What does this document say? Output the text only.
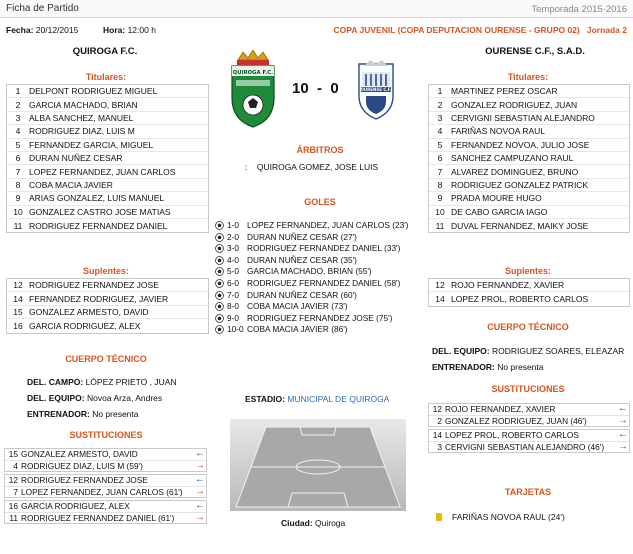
Ficha de Partido	Temporada 2015-2016
Fecha: 20/12/2015	Hora: 12:00 h	COPA JUVENIL (COPA DEPUTACION OURENSE - GRUPO 02) Jornada 2
QUIROGA F.C.	OURENSE C.F., S.A.D.
QUIROGA F.C.
10 - 0	OURENSE C.F.
Titulares:	Titulares:
1	DELPONT RODRIGUEZ MIGUEL
2	GARCIA MACHADO, BRIAN
3	ALBA SANCHEZ, MANUEL
4	RODRIGUEZ DIAZ, LUIS M
5	FERNANDEZ GARCIA, MIGUEL
6	DURAN NUÑEZ CESAR
7	LOPEZ FERNANDEZ, JUAN CARLOS
8	COBA MACIA JAVIER
9	ARIAS GONZALEZ, LUIS MANUEL
10 GONZALEZ CASTRO JOSE MATIAS
11 RODRIGUEZ FERNANDEZ DANIEL
1	MARTINEZ PEREZ OSCAR
2	GONZALEZ RODRIGUEZ, JUAN
3	CERVIGNI SEBASTIAN ALEJANDRO
4	FARIÑAS NOVOA RAUL
5	FERNANDEZ NOVOA, JULIO JOSE
6	SANCHEZ CAMPUZANO RAUL
7	ALVAREZ DOMINGUEZ, BRUNO
8	RODRIGUEZ GONZALEZ PATRICK
9	PRADA MOURE HUGO
10 DE CABO GARCIA IAGO
11 DUVAL FERNANDEZ, MAIKY JOSE
ÁRBITROS
: QUIROGA GOMEZ, JOSE LUIS
GOLES
1-0 LOPEZ FERNANDEZ, JUAN CARLOS (23')
2-0 DURAN NUÑEZ CESAR (27')
3-0 RODRIGUEZ FERNANDEZ DANIEL (33')
4-0 DURAN NUÑEZ CESAR (35')
5-0 GARCIA MACHADO, BRIAN (55')
6-0 RODRIGUEZ FERNANDEZ DANIEL (58')
7-0 DURAN NUÑEZ CESAR (60')
8-0 COBA MACIA JAVIER (73')
9-0 RODRIGUEZ FERNANDEZ JOSE (75')
10-0 COBA MACIA JAVIER (86')
Suplentes:	Suplentes:
12 RODRIGUEZ FERNANDEZ JOSE
14 FERNANDEZ RODRIGUEZ, JAVIER
15 GONZALEZ ARMESTO, DAVID
16 GARCIA RODRIGUEZ, ALEX
12 ROJO FERNANDEZ, XAVIER
14 LOPEZ PROL, ROBERTO CARLOS
CUERPO TÉCNICO
DEL. CAMPO: LÓPEZ PRIETO , JUAN
DEL. EQUIPO: Novoa Arza, Andres
ENTRENADOR: No presenta
CUERPO TÉCNICO
DEL. EQUIPO: RODRIGUEZ SOARES, ELEAZAR
ENTRENADOR: No presenta
SUSTITUCIONES
15 GONZALEZ ARMESTO, DAVID	←
4 RODRIGUEZ DIAZ, LUIS M (59')	→
12 RODRIGUEZ FERNANDEZ JOSE	←
7 LOPEZ FERNANDEZ, JUAN CARLOS (61')	→
16 GARCIA RODRIGUEZ, ALEX	←
11 RODRIGUEZ FERNANDEZ DANIEL (61')	→
SUSTITUCIONES
12 ROJO FERNANDEZ, XAVIER	←
2 GONZALEZ RODRIGUEZ, JUAN (46')	→
14 LOPEZ PROL, ROBERTO CARLOS	←
3 CERVIGNI SEBASTIAN ALEJANDRO (46')	→
ESTADIO: MUNICIPAL DE QUIROGA
Ciudad: Quiroga
TARJETAS
FARIÑAS NOVOA RAUL (24')
